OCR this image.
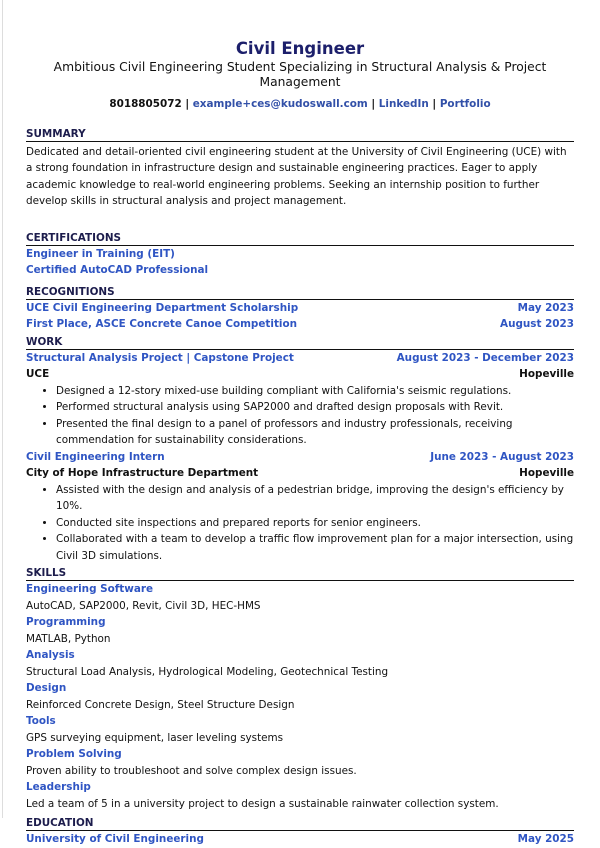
Civil Engineer
Ambitious Civil Engineering Student Specializing in Structural Analysis & Project Management
8018805072 | example+ces@kudoswall.com | LinkedIn | Portfolio
SUMMARY

Dedicated and detail-oriented civil engineering student at the University of Civil Engineering (UCE) with a strong foundation in infrastructure design and sustainable engineering practices. Eager to apply academic knowledge to real-world engineering problems. Seeking an internship position to further develop skills in structural analysis and project management.

CERTIFICATIONS
Engineer in Training (EIT)
Certified AutoCAD Professional
RECOGNITIONS
UCE Civil Engineering Department Scholarship	May 2023
First Place, ASCE Concrete Canoe Competition	August 2023
WORK
Structural Analysis Project | Capstone Project	August 2023 - December 2023
UCE	Hopeville
• Designed a 12-story mixed-use building compliant with California's seismic regulations.
• Performed structural analysis using SAP2000 and drafted design proposals with Revit.
• Presented the final design to a panel of professors and industry professionals, receiving commendation for sustainability considerations.
Civil Engineering Intern	June 2023 - August 2023
City of Hope Infrastructure Department	Hopeville
• Assisted with the design and analysis of a pedestrian bridge, improving the design's efficiency by 10%.
• Conducted site inspections and prepared reports for senior engineers.
• Collaborated with a team to develop a traffic flow improvement plan for a major intersection, using Civil 3D simulations.
SKILLS
Engineering Software
AutoCAD, SAP2000, Revit, Civil 3D, HEC-HMS
Programming
MATLAB, Python
Analysis
Structural Load Analysis, Hydrological Modeling, Geotechnical Testing
Design
Reinforced Concrete Design, Steel Structure Design
Tools
GPS surveying equipment, laser leveling systems
Problem Solving
Proven ability to troubleshoot and solve complex design issues.
Leadership
Led a team of 5 in a university project to design a sustainable rainwater collection system.
EDUCATION
University of Civil Engineering	May 2025
